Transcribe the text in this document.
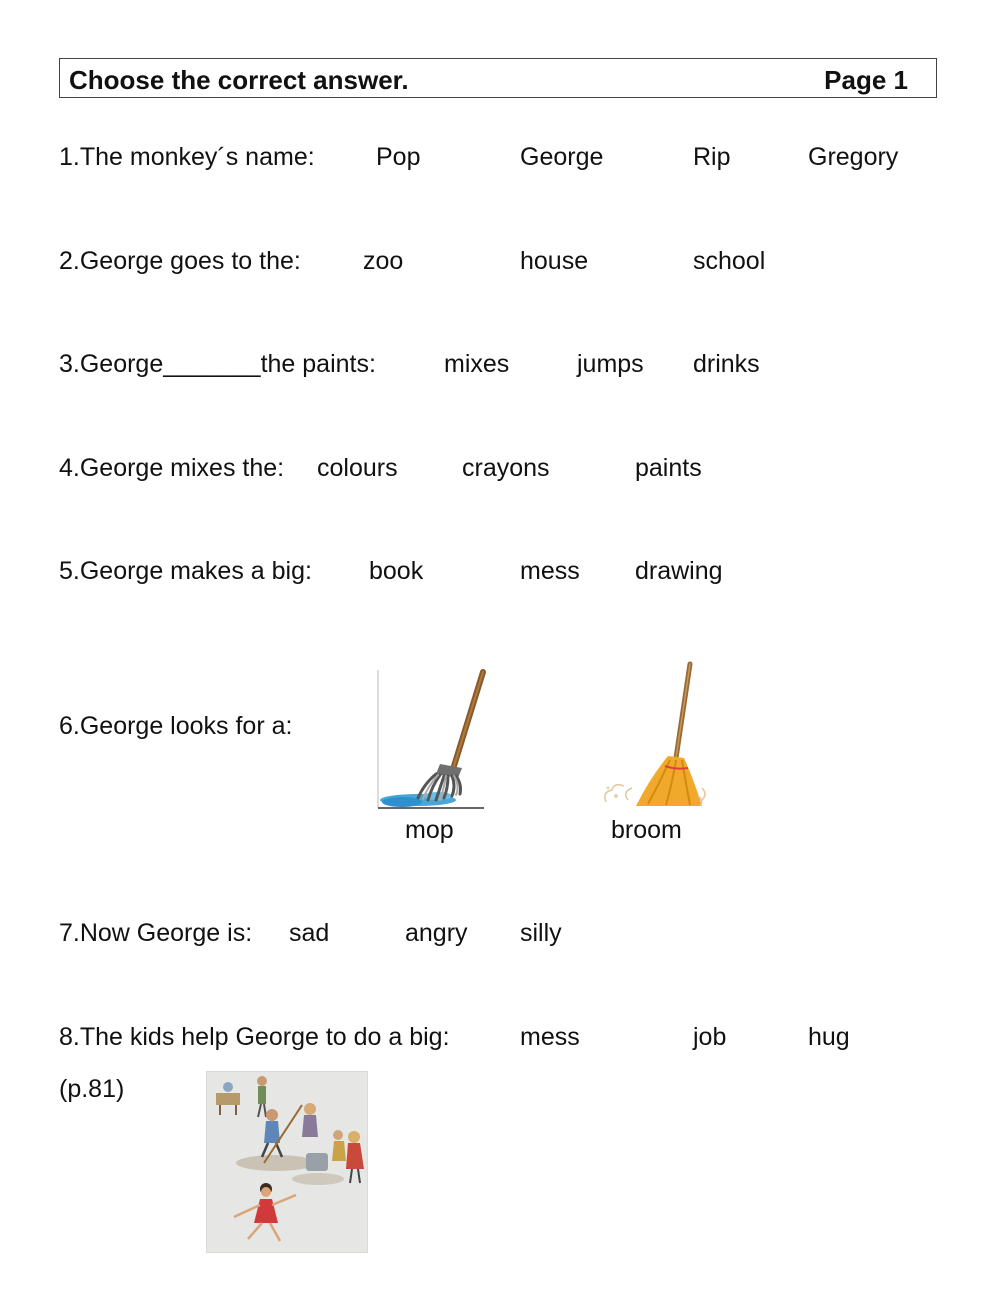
Choose the correct answer.	Page 1
1.The monkey´s name: Pop	George	Rip	Gregory
2.George goes to the: zoo	house	school
3.George_______the paints:	mixes	jumps drinks
4.George mixes the: colours	crayons	paints
5.George makes a big: book	mess drawing
6.George looks for a:
mop	broom
7.Now George is: sad	angry silly
8.The kids help George to do a big:	mess	job	hug
(p.81)
